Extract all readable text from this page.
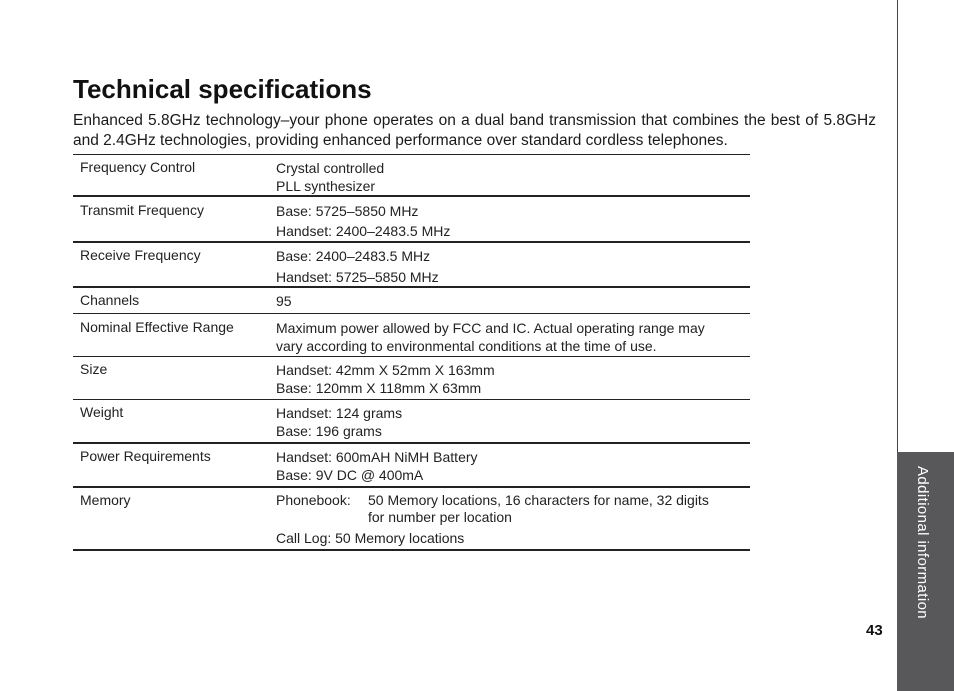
Additional information
43
Technical specifications

Enhanced 5.8GHz technology–your phone operates on a dual band transmission that combines the best of 5.8GHz and 2.4GHz technologies, providing enhanced performance over standard cordless telephones.

Frequency Control	Crystal controlled
PLL synthesizer
Transmit Frequency	Base: 5725–5850 MHz
Handset: 2400–2483.5 MHz
Receive Frequency	Base: 2400–2483.5 MHz
Handset: 5725–5850 MHz
Channels	95
Nominal Effective Range	Maximum power allowed by FCC and IC. Actual operating range may
vary according to environmental conditions at the time of use.
Size	Handset: 42mm X 52mm X 163mm
Base: 120mm X 118mm X 63mm
Weight	Handset: 124 grams
Base: 196 grams
Power Requirements	Handset: 600mAH NiMH Battery
Base: 9V DC @ 400mA
Memory	Phonebook:	50 Memory locations, 16 characters for name, 32 digits
for number per location
Call Log: 50 Memory locations
